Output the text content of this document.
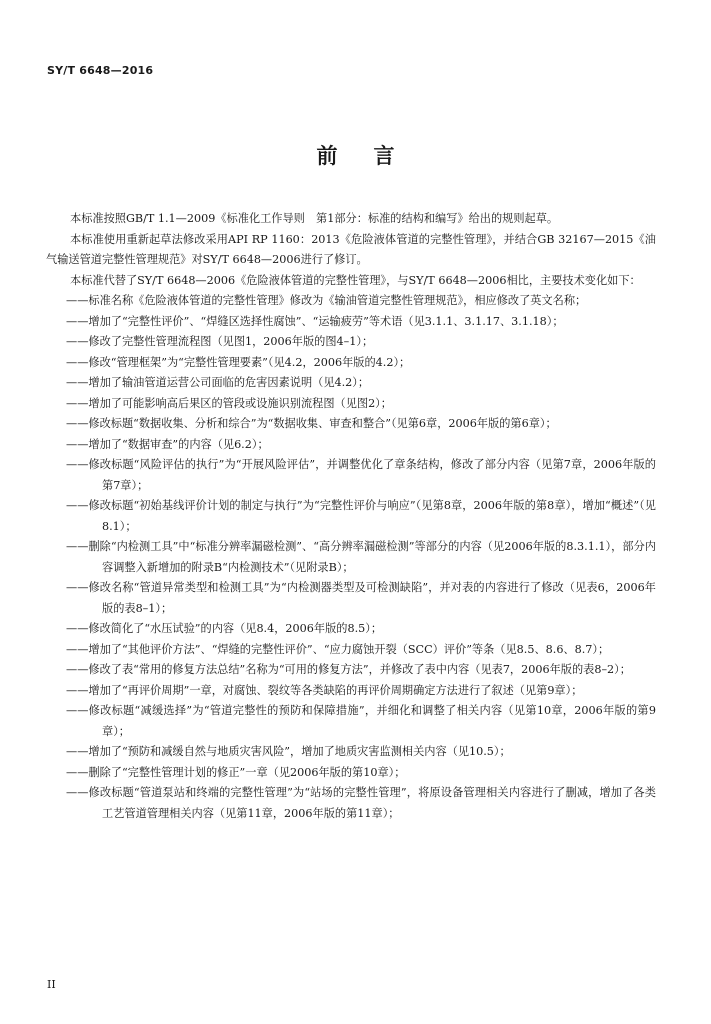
SY/T 6648—2016
前言

本标准按照GB/T 1.1—2009《标准化工作导则　第1部分：标准的结构和编写》给出的规则起草。

本标准使用重新起草法修改采用API RP 1160：2013《危险液体管道的完整性管理》，并结合GB 32167—2015《油气输送管道完整性管理规范》对SY/T 6648—2006进行了修订。

本标准代替了SY/T 6648—2006《危险液体管道的完整性管理》，与SY/T 6648—2006相比，主要技术变化如下：

——标准名称《危险液体管道的完整性管理》修改为《输油管道完整性管理规范》，相应修改了英文名称；

——增加了“完整性评价”、“焊缝区选择性腐蚀”、“运输疲劳”等术语（见3.1.1、3.1.17、3.1.18）；

——修改了完整性管理流程图（见图1，2006年版的图4–1）；

——修改“管理框架”为“完整性管理要素”（见4.2，2006年版的4.2）；

——增加了输油管道运营公司面临的危害因素说明（见4.2）；

——增加了可能影响高后果区的管段或设施识别流程图（见图2）；

——修改标题“数据收集、分析和综合”为“数据收集、审查和整合”（见第6章，2006年版的第6章）；

——增加了“数据审查”的内容（见6.2）；

——修改标题“风险评估的执行”为“开展风险评估”，并调整优化了章条结构，修改了部分内容（见第7章，2006年版的第7章）；

——修改标题“初始基线评价计划的制定与执行”为“完整性评价与响应”（见第8章，2006年版的第8章），增加“概述”（见8.1）；

——删除“内检测工具”中“标准分辨率漏磁检测”、“高分辨率漏磁检测”等部分的内容（见2006年版的8.3.1.1），部分内容调整入新增加的附录B“内检测技术”（见附录B）；

——修改名称“管道异常类型和检测工具”为“内检测器类型及可检测缺陷”，并对表的内容进行了修改（见表6，2006年版的表8–1）；

——修改简化了“水压试验”的内容（见8.4，2006年版的8.5）；

——增加了“其他评价方法”、“焊缝的完整性评价”、“应力腐蚀开裂（SCC）评价”等条（见8.5、8.6、8.7）；

——修改了表“常用的修复方法总结”名称为“可用的修复方法”，并修改了表中内容（见表7，2006年版的表8–2）；

——增加了“再评价周期”一章，对腐蚀、裂纹等各类缺陷的再评价周期确定方法进行了叙述（见第9章）；

——修改标题“减缓选择”为“管道完整性的预防和保障措施”，并细化和调整了相关内容（见第10章，2006年版的第9章）；

——增加了“预防和减缓自然与地质灾害风险”，增加了地质灾害监测相关内容（见10.5）；

——删除了“完整性管理计划的修正”一章（见2006年版的第10章）；

——修改标题“管道泵站和终端的完整性管理”为“站场的完整性管理”，将原设备管理相关内容进行了删减，增加了各类工艺管道管理相关内容（见第11章，2006年版的第11章）；

II
